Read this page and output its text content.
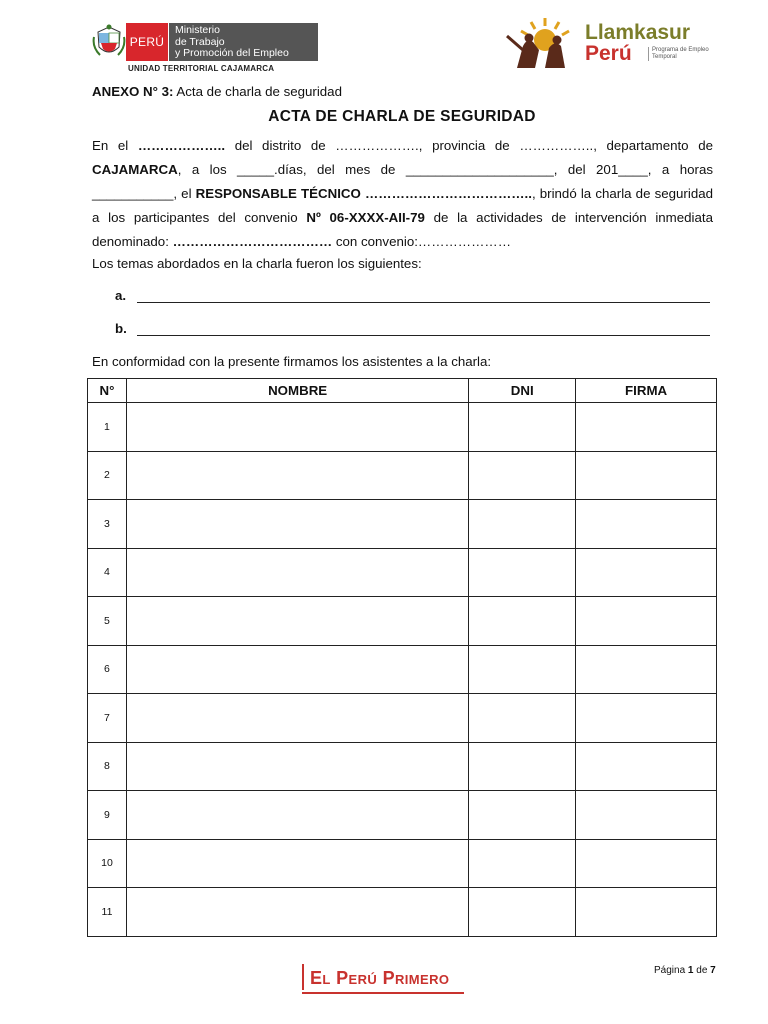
PERÚ
Ministerio
de Trabajo
y Promoción del Empleo
UNIDAD TERRITORIAL CAJAMARCA
Llamkasur
Perú	Programa de Empleo
Temporal
ANEXO N° 3: Acta de charla de seguridad
ACTA DE CHARLA DE SEGURIDAD
En el ……………….. del distrito de ………………., provincia de …………….., departamento de CAJAMARCA, a los _____.días, del mes de ____________________, del 201____, a horas ___________, el RESPONSABLE TÉCNICO ……………………………….., brindó la charla de seguridad a los participantes del convenio Nº 06-XXXX-AII-79 de la actividades de intervención inmediata denominado: ……………………………… con convenio:…………………
Los temas abordados en la charla fueron los siguientes:
a.
b.
En conformidad con la presente firmamos los asistentes a la charla:
N°	NOMBRE	DNI	FIRMA
1			
2			
3			
4			
5			
6			
7			
8			
9			
10			
11			
El Perú Primero	Página 1 de 7
